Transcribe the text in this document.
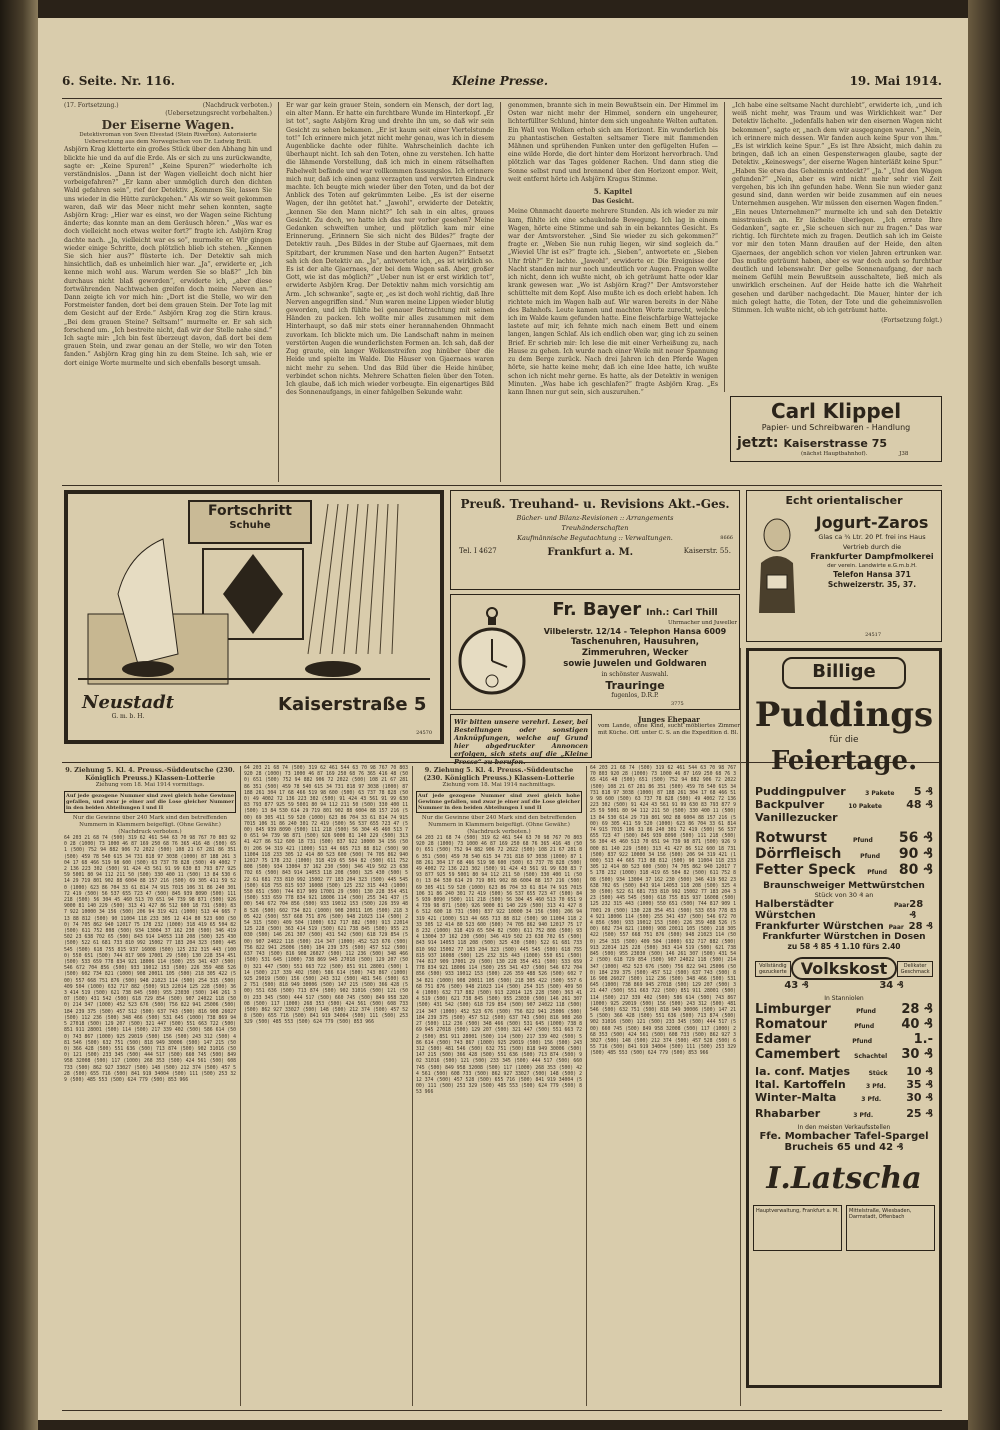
6. Seite. Nr. 116.	Kleine Presse.	19. Mai 1914.
(17. Fortsetzung.)	(Nachdruck verboten.) (Uebersetzungsrecht vorbehalten.)
Der Eiserne Wagen.
Detektivroman von Sven Elvestad (Stein Riverton). Autorisierte Uebersetzung aus dem Norwegischen von Dr. Ludwig Brüll.

Asbjörn Krag kletterte ein großes Stück über den Abhang hin und blickte hie und da auf die Erde. Als er sich zu uns zurückwandte, sagte er: „Keine Spuren!“ „Keine Spuren?“ wiederholte ich verständnislos. „Dann ist der Wagen vielleicht doch nicht hier vorbeigefahren?“ „Er kann aber unmöglich durch den dichten Wald gefahren sein“, rief der Detektiv. „Kommen Sie, lassen Sie uns wieder in die Hütte zurückgehen.“ Als wir so weit gekommen waren, daß wir das Meer nicht mehr sehen konnten, sagte Asbjörn Krag: „Hier war es einst, wo der Wagen seine Richtung änderte; das konnte man an dem Geräusch hören.“ „Was war es doch vielleicht noch etwas weiter fort?“ fragte ich. Asbjörn Krag dachte nach. „Ja, vielleicht war es so“, murmelte er. Wir gingen wieder einige Schritte, doch plötzlich blieb ich stehen. „Kennen Sie sich hier aus?“ flüsterte ich. Der Detektiv sah mich hinsichtlich, daß es unheimlich hier war. „Ja“, erwiderte er, „ich kenne mich wohl aus. Warum werden Sie so blaß?“ „Ich bin durchaus nicht blaß geworden“, erwiderte ich, „aber diese fortwährenden Nachtwachen greifen doch meine Nerven an.“ Dann zeigte ich vor mich hin: „Dort ist die Stelle, wo wir den Forstmeister fanden, dort bei dem grauen Stein. Der Tote lag mit dem Gesicht auf der Erde.“ Asbjörn Krag zog die Stirn kraus. „Bei dem grauen Steine? Seltsam!“ murmelte er. Er sah sich forschend um. „Ich bestreite nicht, daß wir der Stelle nahe sind.“ Ich sagte mir: „Ich bin fest überzeugt davon, daß dort bei dem grauen Stein, und zwar genau an der Stelle, wo wir den Toten fanden.“ Asbjörn Krag ging hin zu dem Steine. Ich sah, wie er dort einige Worte murmelte und sich ebenfalls besorgt umsah.

Er war gar kein grauer Stein, sondern ein Mensch, der dort lag, ein alter Mann. Er hatte ein furchtbare Wunde im Hinterkopf. „Er ist tot“, sagte Asbjörn Krag und drehte ihn um, so daß wir sein Gesicht zu sehen bekamen. „Er ist kaum seit einer Viertelstunde tot!“ Ich erinnere mich jetzt nicht mehr genau, was ich in diesem Augenblicke dachte oder fühlte. Wahrscheinlich dachte ich überhaupt nicht. Ich sah den Toten, ohne zu verstehen. Ich hatte die lähmende Vorstellung, daß ich mich in einem rätselhaften Fabelwelt befände und war vollkommen fassungslos. Ich erinnere mich nur, daß ich einen ganz verzagten und verwirrten Eindruck machte. Ich beugte mich wieder über den Toten, und da bot der Anblick des Toten auf gekrümmten Leibe. „Es ist der eiserne Wagen, der ihn getötet hat.“ „Jawohl“, erwiderte der Detektiv, „kennen Sie den Mann nicht?“ Ich sah in ein altes, graues Gesicht. Zu doch, wo hatte ich das nur vorher gesehen? Meine Gedanken schweiften umher, und plötzlich kam mir eine Erinnerung. „Erinnern Sie sich nicht des Bildes?“ fragte der Detektiv rauh. „Des Bildes in der Stube auf Gjaernaes, mit dem Spitzbart, der krummen Nase und den harten Augen?“ Entsetzt sah ich den Detektiv an. „Ja“, antwortete ich, „es ist wirklich so. Es ist der alte Gjaernaes, der bei dem Wagen saß. Aber, großer Gott, wie ist das möglich?“ „Ueber nun ist er erst wirklich tot“, erwiderte Asbjörn Krag. Der Detektiv nahm mich vorsichtig am Arm. „Ich schwanke“, sagte er, „es ist doch wohl richtig, daß Ihre Nerven angegriffen sind.“ Nun waren meine Lippen wieder blutig geworden, und ich fühlte bei genauer Betrachtung mit seinen Händen zu packen. Ich wollte mir alles zusammen mit dem Hinterhaupt, so daß mir stets einer herannahenden Ohnmacht zuvorkam. Ich blickte mich um. Die Landschaft nahm in meinen verstörten Augen die wunderlichsten Formen an. Ich sah, daß der Zug graute, ein langer Wolkenstreifen zog hinüber über die Heide und spielte im Walde. Die Häuser von Gjaernaes waren nicht mehr zu sehen. Und das Bild über die Heide hinüber, verbindet schon nichts. Mehrere Schatten fielen über den Toten. Ich glaube, daß ich mich wieder vorbeugte. Ein eigenartiges Bild des Sonnenaufgangs, in einer fahlgelben Sekunde wahr.

genommen, brannte sich in mein Bewußtsein ein. Der Himmel im Osten war nicht mehr der Himmel, sondern ein ungeheurer, lichterfüllter Schlund, hinter dem sich ungeahnte Welten auftaten. Ein Wall von Wolken erhob sich am Horizont. Ein wunderlich bis zu phantastischen Gestalten seltsamer Tiere mit flammenden Mähnen und sprühenden Funken unter den gefügelten Hufen — eine wilde Horde, die dort hinter dem Horizont hervorbrach. Und plötzlich war das Tages goldener Rachen. Und dann stieg die Sonne selbst rund und brennend über den Horizont empor. Weit, weit entfernt hörte ich Asbjörn Kragus Stimme.

5. Kapitel
Das Gesicht.

Meine Ohnmacht dauerte mehrere Stunden. Als ich wieder zu mir kam, fühlte ich eine schaukelnde Bewegung. Ich lag in einem Wagen, hörte eine Stimme und sah in ein bekanntes Gesicht. Es war der Amtsvorsteher. „Sind Sie wieder zu sich gekommen?“ fragte er. „Weben Sie nun ruhig liegen, wir sind sogleich da.“ „Wieviel Uhr ist es?“ fragte ich. „Sieben“, antwortete er. „Sieben Uhr früh?“ Er lachte. „Jawohl“, erwiderte er. Die Ereignisse der Nacht standen mir nur noch undeutlich vor Augen. Fragen wollte ich nicht, denn ich wußte nicht, ob ich geträumt hatte oder klar krank gewesen war. „Wo ist Asbjörn Krag?“ Der Amtsvorsteher schüttelte mit dem Kopf. Also mußte ich es doch erlebt haben. Ich richtete mich im Wagen halb auf. Wir waren bereits in der Nähe des Bahnhofs. Leute kamen und machten Worte zurecht, welche ich im Walde kaum gefunden hatte. Eine fleischfarbige Wattejacke lastete auf mir, ich fehnte mich nach einem Bett und einem langen, langen Schlaf. Als ich endlich oben war, ging ich zu seinen Brief. Er schrieb mir: Ich lese die mit einer Verheißung zu, nach Hause zu gehen. Ich wurde nach einer Weile mit neuer Spannung zu dem Berge zurück. Nach drei Jahren ich den Pferde Wagen hörte, sie hatte keine mehr, daß ich eine Idee hatte, ich wußte schon ich nicht mehr gerne. Es hatte, als der Detektiv in wenigen Minuten. „Was habe ich geschlafen?“ fragte Asbjörn Krag. „Es kann Ihnen nur gut sein, sich auszuruhen.“

„Ich habe eine seltsame Nacht durchlebt“, erwiderte ich, „und ich weiß nicht mehr, was Traum und was Wirklichkeit war.“ Der Detektiv lächelte. „Jedenfalls haben wir den eisernen Wagen nicht bekommen“, sagte er, „nach dem wir ausgegangen waren.“ „Nein, ich erinnere mich dessen. Wir fanden auch keine Spur von ihm.“ „Es ist wirklich keine Spur.“ „Es ist Ihre Absicht, mich dahin zu bringen, daß ich an einen Gespensterwagen glaube, sagte der Detektiv. „Keineswegs“, der eiserne Wagen hinterläßt keine Spur.“ „Haben Sie etwa das Geheimnis entdeckt?“ „Ja.“ „Und den Wagen gefunden?“ „Nein, aber es wird nicht mehr sehr viel Zeit vergehen, bis ich ihn gefunden habe. Wenn Sie nun wieder ganz gesund sind, dann werden wir beide zusammen auf ein neues Unternehmen ausgehen. Wir müssen den eisernen Wagen finden.“ „Ein neues Unternehmen?“ murmelte ich und sah den Detektiv misstrauisch an. Er lächelte überlegen. „Ich errate Ihre Gedanken“, sagte er. „Sie scheuen sich nur zu fragen.“ Das war richtig. Ich fürchtete mich zu fragen. Deutlich sah ich im Geiste vor mir den toten Mann draußen auf der Heide, den alten Gjaernaes, der angeblich schon vor vielen Jahren ertrunken war. Das mußte geträumt haben, aber es war doch auch so furchtbar deutlich und lebenswahr. Der gelbe Sonnenaufgang, der nach meinem Gefühl mein Bewußtsein ausschaltete, ließ mich als unwirklich erscheinen. Auf der Heide hatte ich die Wahrheit gesehen und darüber nachgedacht. Die Mauer, hinter der ich mich gelegt hatte, die Toten, der Tote und die geheimnisvollen Stimmen. Ich wußte nicht, ob ich geträumt hatte.

(Fortsetzung folgt.)

Carl Klippel
Papier- und Schreibwaren - Handlung
jetzt: Kaiserstrasse 75
(nächst Hauptbahnhof).	J38
Fortschritt
Schuhe
Neustadt
G. m. b. H.
Kaiserstraße 5
24570
Preuß. Treuhand- u. Revisions Akt.-Ges.
Bücher- und Bilanz-Revisionen :: Arrangements
Treuhänderschaften
Kaufmännische Begutachtung :: Verwaltungen.
Tel. I 4627	Frankfurt a. M.	Kaiserstr. 55.
8666
Echt orientalischer
Jogurt-Zaros
Glas ca ¾ Ltr. 20 Pf. frei ins Haus
Vertrieb durch die
Frankfurter Dampfmolkerei
der verein. Landwirte e.G.m.b.H.
Telefon Hansa 371
Schweizerstr. 35, 37.
24517
Fr. Bayer Inh.: Carl Thill
Uhrmacher und Juweller
Vilbelerstr. 12/14 - Telephon Hansa 6009
Taschenuhren, Hausuhren,
Zimmeruhren, Wecker
sowie Juwelen und Goldwaren
in schönster Auswahl.
Trauringe
fugenlos, D.R.P.
3775
Wir bitten unsere verehrl. Leser, bei Bestellungen oder sonstigen Anknüpfungen, welche auf Grund hier abgedruckter Annoncen erfolgen, sich stets auf die „Kleine Presse“ zu berufen.
Junges Ehepaar
vom Lande, ohne Kind, sucht möbliertes Zimmer mit Küche. Off. unter C. S. an die Expedition d. Bl.
9. Ziehung 5. Kl. 4. Preuss.-Süddeutsche (230. Königlich Preuss.) Klassen-Lotterie
Ziehung vom 18. Mai 1914 vormittags.
Auf jede gezogene Nummer sind zwei gleich hohe Gewinne gefallen, und zwar je einer auf die Lose gleicher Nummer in den beiden Abteilungen I und II
Nur die Gewinne über 240 Mark sind den betreffenden Nummern in Klammern beigefügt. (Ohne Gewähr.) (Nachdruck verboten.)
64 203 21 68 74 (500) 319 62 461 544 63 70 98 767 70 803 920 28 (1000) 73 1000 46 87 169 250 68 76 365 416 48 (500) 651 (500) 752 94 882 906 72 2022 (500) 108 21 67 281 86 351 (500) 459 78 540 615 34 731 818 97 3038 (1000) 87 188 261 304 17 68 466 519 98 600 (500) 63 737 78 828 (500) 49 4002 72 136 223 302 (500) 91 424 43 561 91 99 630 83 793 877 925 59 5001 80 94 112 211 50 (500) 330 400 11 (500) 13 84 530 614 29 719 801 902 88 6004 88 157 216 (500) 69 305 411 59 520 (1000) 623 86 704 33 61 814 74 915 7015 106 31 86 240 301 72 419 (500) 56 537 655 723 47 (500) 845 939 8090 (500) 111 218 (500) 56 304 45 460 513 70 651 94 739 98 871 (500) 926 9000 81 140 229 (500) 313 41 427 86 512 600 18 731 (500) 837 922 10000 34 156 (500) 206 94 319 421 (1000) 513 44 665 713 88 812 (500) 90 11004 118 233 305 12 414 80 523 600 (500) 74 705 862 940 12017 75 178 232 (1000) 318 419 65 504 82 (500) 611 752 808 (500) 934 13004 37 162 230 (500) 346 419 502 23 638 702 65 (500) 843 914 14053 118 208 (500) 325 430 (500) 522 61 681 733 810 992 15002 77 183 204 323 (500) 445 545 (500) 618 755 815 937 16008 (500) 125 232 315 443 (1000) 550 651 (500) 744 817 909 17001 29 (500) 130 228 354 451 (500) 533 659 778 834 921 18006 114 (500) 255 341 437 (500) 546 672 704 856 (500) 933 19012 153 (500) 226 359 488 526 (500) 602 734 821 (1000) 908 20011 105 (500) 218 305 422 (500) 557 668 751 876 (500) 948 21023 114 (500) 254 315 (500) 409 504 (1000) 632 717 882 (500) 913 22014 125 228 (500) 363 414 519 (500) 621 738 845 (500) 955 23030 (500) 146 261 307 (500) 431 542 (500) 618 729 854 (500) 907 24022 118 (500) 214 347 (1000) 452 523 676 (500) 756 822 941 25006 (500) 184 239 375 (500) 457 512 (500) 637 743 (500) 816 908 26027 (500) 112 236 (500) 348 466 (500) 531 645 (1000) 738 869 945 27018 (500) 129 207 (500) 321 447 (500) 551 663 722 (500) 851 911 28001 (500) 114 (500) 217 339 402 (500) 586 614 (500) 743 867 (1000) 925 29019 (500) 156 (500) 243 312 (500) 481 546 (500) 632 751 (500) 818 949 30006 (500) 147 215 (500) 366 428 (500) 551 636 (500) 713 874 (500) 902 31016 (500) 121 (500) 233 345 (500) 444 517 (500) 660 745 (500) 849 958 32008 (500) 117 (1000) 268 353 (500) 424 561 (500) 608 733 (500) 862 927 33027 (500) 148 (500) 212 374 (500) 457 528 (500) 655 716 (500) 841 919 34004 (500) 111 (500) 253 329 (500) 485 553 (500) 624 779 (500) 853 966
64 203 21 68 74 (500) 319 62 461 544 63 70 98 767 70 803 920 28 (1000) 73 1000 46 87 169 250 68 76 365 416 48 (500) 651 (500) 752 94 882 906 72 2022 (500) 108 21 67 281 86 351 (500) 459 78 540 615 34 731 818 97 3038 (1000) 87 188 261 304 17 68 466 519 98 600 (500) 63 737 78 828 (500) 49 4002 72 136 223 302 (500) 91 424 43 561 91 99 630 83 793 877 925 59 5001 80 94 112 211 50 (500) 330 400 11 (500) 13 84 530 614 29 719 801 902 88 6004 88 157 216 (500) 69 305 411 59 520 (1000) 623 86 704 33 61 814 74 915 7015 106 31 86 240 301 72 419 (500) 56 537 655 723 47 (500) 845 939 8090 (500) 111 218 (500) 56 304 45 460 513 70 651 94 739 98 871 (500) 926 9000 81 140 229 (500) 313 41 427 86 512 600 18 731 (500) 837 922 10000 34 156 (500) 206 94 319 421 (1000) 513 44 665 713 88 812 (500) 90 11004 118 233 305 12 414 80 523 600 (500) 74 705 862 940 12017 75 178 232 (1000) 318 419 65 504 82 (500) 611 752 808 (500) 934 13004 37 162 230 (500) 346 419 502 23 638 702 65 (500) 843 914 14053 118 208 (500) 325 430 (500) 522 61 681 733 810 992 15002 77 183 204 323 (500) 445 545 (500) 618 755 815 937 16008 (500) 125 232 315 443 (1000) 550 651 (500) 744 817 909 17001 29 (500) 130 228 354 451 (500) 533 659 778 834 921 18006 114 (500) 255 341 437 (500) 546 672 704 856 (500) 933 19012 153 (500) 226 359 488 526 (500) 602 734 821 (1000) 908 20011 105 (500) 218 305 422 (500) 557 668 751 876 (500) 948 21023 114 (500) 254 315 (500) 409 504 (1000) 632 717 882 (500) 913 22014 125 228 (500) 363 414 519 (500) 621 738 845 (500) 955 23030 (500) 146 261 307 (500) 431 542 (500) 618 729 854 (500) 907 24022 118 (500) 214 347 (1000) 452 523 676 (500) 756 822 941 25006 (500) 184 239 375 (500) 457 512 (500) 637 743 (500) 816 908 26027 (500) 112 236 (500) 348 466 (500) 531 645 (1000) 738 869 945 27018 (500) 129 207 (500) 321 447 (500) 551 663 722 (500) 851 911 28001 (500) 114 (500) 217 339 402 (500) 586 614 (500) 743 867 (1000) 925 29019 (500) 156 (500) 243 312 (500) 481 546 (500) 632 751 (500) 818 949 30006 (500) 147 215 (500) 366 428 (500) 551 636 (500) 713 874 (500) 902 31016 (500) 121 (500) 233 345 (500) 444 517 (500) 660 745 (500) 849 958 32008 (500) 117 (1000) 268 353 (500) 424 561 (500) 608 733 (500) 862 927 33027 (500) 148 (500) 212 374 (500) 457 528 (500) 655 716 (500) 841 919 34004 (500) 111 (500) 253 329 (500) 485 553 (500) 624 779 (500) 853 966
9. Ziehung 5. Kl. 4. Preuss.-Süddeutsche (230. Königlich Preuss.) Klassen-Lotterie
Ziehung vom 18. Mai 1914 nachmittags.
Auf jede gezogene Nummer sind zwei gleich hohe Gewinne gefallen, und zwar je einer auf die Lose gleicher Nummer in den beiden Abteilungen I und II
Nur die Gewinne über 240 Mark sind den betreffenden Nummern in Klammern beigefügt. (Ohne Gewähr.) (Nachdruck verboten.)
64 203 21 68 74 (500) 319 62 461 544 63 70 98 767 70 803 920 28 (1000) 73 1000 46 87 169 250 68 76 365 416 48 (500) 651 (500) 752 94 882 906 72 2022 (500) 108 21 67 281 86 351 (500) 459 78 540 615 34 731 818 97 3038 (1000) 87 188 261 304 17 68 466 519 98 600 (500) 63 737 78 828 (500) 49 4002 72 136 223 302 (500) 91 424 43 561 91 99 630 83 793 877 925 59 5001 80 94 112 211 50 (500) 330 400 11 (500) 13 84 530 614 29 719 801 902 88 6004 88 157 216 (500) 69 305 411 59 520 (1000) 623 86 704 33 61 814 74 915 7015 106 31 86 240 301 72 419 (500) 56 537 655 723 47 (500) 845 939 8090 (500) 111 218 (500) 56 304 45 460 513 70 651 94 739 98 871 (500) 926 9000 81 140 229 (500) 313 41 427 86 512 600 18 731 (500) 837 922 10000 34 156 (500) 206 94 319 421 (1000) 513 44 665 713 88 812 (500) 90 11004 118 233 305 12 414 80 523 600 (500) 74 705 862 940 12017 75 178 232 (1000) 318 419 65 504 82 (500) 611 752 808 (500) 934 13004 37 162 230 (500) 346 419 502 23 638 702 65 (500) 843 914 14053 118 208 (500) 325 430 (500) 522 61 681 733 810 992 15002 77 183 204 323 (500) 445 545 (500) 618 755 815 937 16008 (500) 125 232 315 443 (1000) 550 651 (500) 744 817 909 17001 29 (500) 130 228 354 451 (500) 533 659 778 834 921 18006 114 (500) 255 341 437 (500) 546 672 704 856 (500) 933 19012 153 (500) 226 359 488 526 (500) 602 734 821 (1000) 908 20011 105 (500) 218 305 422 (500) 557 668 751 876 (500) 948 21023 114 (500) 254 315 (500) 409 504 (1000) 632 717 882 (500) 913 22014 125 228 (500) 363 414 519 (500) 621 738 845 (500) 955 23030 (500) 146 261 307 (500) 431 542 (500) 618 729 854 (500) 907 24022 118 (500) 214 347 (1000) 452 523 676 (500) 756 822 941 25006 (500) 184 239 375 (500) 457 512 (500) 637 743 (500) 816 908 26027 (500) 112 236 (500) 348 466 (500) 531 645 (1000) 738 869 945 27018 (500) 129 207 (500) 321 447 (500) 551 663 722 (500) 851 911 28001 (500) 114 (500) 217 339 402 (500) 586 614 (500) 743 867 (1000) 925 29019 (500) 156 (500) 243 312 (500) 481 546 (500) 632 751 (500) 818 949 30006 (500) 147 215 (500) 366 428 (500) 551 636 (500) 713 874 (500) 902 31016 (500) 121 (500) 233 345 (500) 444 517 (500) 660 745 (500) 849 958 32008 (500) 117 (1000) 268 353 (500) 424 561 (500) 608 733 (500) 862 927 33027 (500) 148 (500) 212 374 (500) 457 528 (500) 655 716 (500) 841 919 34004 (500) 111 (500) 253 329 (500) 485 553 (500) 624 779 (500) 853 966
64 203 21 68 74 (500) 319 62 461 544 63 70 98 767 70 803 920 28 (1000) 73 1000 46 87 169 250 68 76 365 416 48 (500) 651 (500) 752 94 882 906 72 2022 (500) 108 21 67 281 86 351 (500) 459 78 540 615 34 731 818 97 3038 (1000) 87 188 261 304 17 68 466 519 98 600 (500) 63 737 78 828 (500) 49 4002 72 136 223 302 (500) 91 424 43 561 91 99 630 83 793 877 925 59 5001 80 94 112 211 50 (500) 330 400 11 (500) 13 84 530 614 29 719 801 902 88 6004 88 157 216 (500) 69 305 411 59 520 (1000) 623 86 704 33 61 814 74 915 7015 106 31 86 240 301 72 419 (500) 56 537 655 723 47 (500) 845 939 8090 (500) 111 218 (500) 56 304 45 460 513 70 651 94 739 98 871 (500) 926 9000 81 140 229 (500) 313 41 427 86 512 600 18 731 (500) 837 922 10000 34 156 (500) 206 94 319 421 (1000) 513 44 665 713 88 812 (500) 90 11004 118 233 305 12 414 80 523 600 (500) 74 705 862 940 12017 75 178 232 (1000) 318 419 65 504 82 (500) 611 752 808 (500) 934 13004 37 162 230 (500) 346 419 502 23 638 702 65 (500) 843 914 14053 118 208 (500) 325 430 (500) 522 61 681 733 810 992 15002 77 183 204 323 (500) 445 545 (500) 618 755 815 937 16008 (500) 125 232 315 443 (1000) 550 651 (500) 744 817 909 17001 29 (500) 130 228 354 451 (500) 533 659 778 834 921 18006 114 (500) 255 341 437 (500) 546 672 704 856 (500) 933 19012 153 (500) 226 359 488 526 (500) 602 734 821 (1000) 908 20011 105 (500) 218 305 422 (500) 557 668 751 876 (500) 948 21023 114 (500) 254 315 (500) 409 504 (1000) 632 717 882 (500) 913 22014 125 228 (500) 363 414 519 (500) 621 738 845 (500) 955 23030 (500) 146 261 307 (500) 431 542 (500) 618 729 854 (500) 907 24022 118 (500) 214 347 (1000) 452 523 676 (500) 756 822 941 25006 (500) 184 239 375 (500) 457 512 (500) 637 743 (500) 816 908 26027 (500) 112 236 (500) 348 466 (500) 531 645 (1000) 738 869 945 27018 (500) 129 207 (500) 321 447 (500) 551 663 722 (500) 851 911 28001 (500) 114 (500) 217 339 402 (500) 586 614 (500) 743 867 (1000) 925 29019 (500) 156 (500) 243 312 (500) 481 546 (500) 632 751 (500) 818 949 30006 (500) 147 215 (500) 366 428 (500) 551 636 (500) 713 874 (500) 902 31016 (500) 121 (500) 233 345 (500) 444 517 (500) 660 745 (500) 849 958 32008 (500) 117 (1000) 268 353 (500) 424 561 (500) 608 733 (500) 862 927 33027 (500) 148 (500) 212 374 (500) 457 528 (500) 655 716 (500) 841 919 34004 (500) 111 (500) 253 329 (500) 485 553 (500) 624 779 (500) 853 966
Billige
Puddings
für die
Feiertage.
Puddingpulver	3 Pakete 5 ₰
Backpulver	10 Pakete 48 ₰
Vanillezucker
Rotwurst	Pfund 56 ₰
Dörrfleisch	Pfund 90 ₰
Fetter Speck Pfund 80 ₰
Braunschweiger Mettwürstchen
Stück von 30 ₰ an
Halberstädter Würstchen
Paar 28 ₰
Frankfurter Würstchen Paar 28 ₰
Frankfurter Würstchen in Dosen
zu 58 ₰ 85 ₰ 1.10 fürs 2.40
Vollständig gezuckerte Volkskost	Delikater Geschmack
43 ₰	34 ₰
In Stanniolen
Limburger	Pfund 28 ₰
Romatour	Pfund 40 ₰
Edamer	Pfund	1.-
Camembert Schachtel 30 ₰
Ia. conf. Matjes	Stück 10 ₰
Ital. Kartoffeln	3 Pfd. 35 ₰
Winter-Malta	3 Pfd. 30 ₰
Rhabarber	3 Pfd.	25 ₰
In den meisten Verkaufsstellen
Ffe. Mombacher Tafel-Spargel
Brucheis 65 und 42 ₰
I.Latscha
Hauptverwaltung, Frankfurt a. M.	Mittelstraße, Wiesbaden, Darmstadt, Offenbach
